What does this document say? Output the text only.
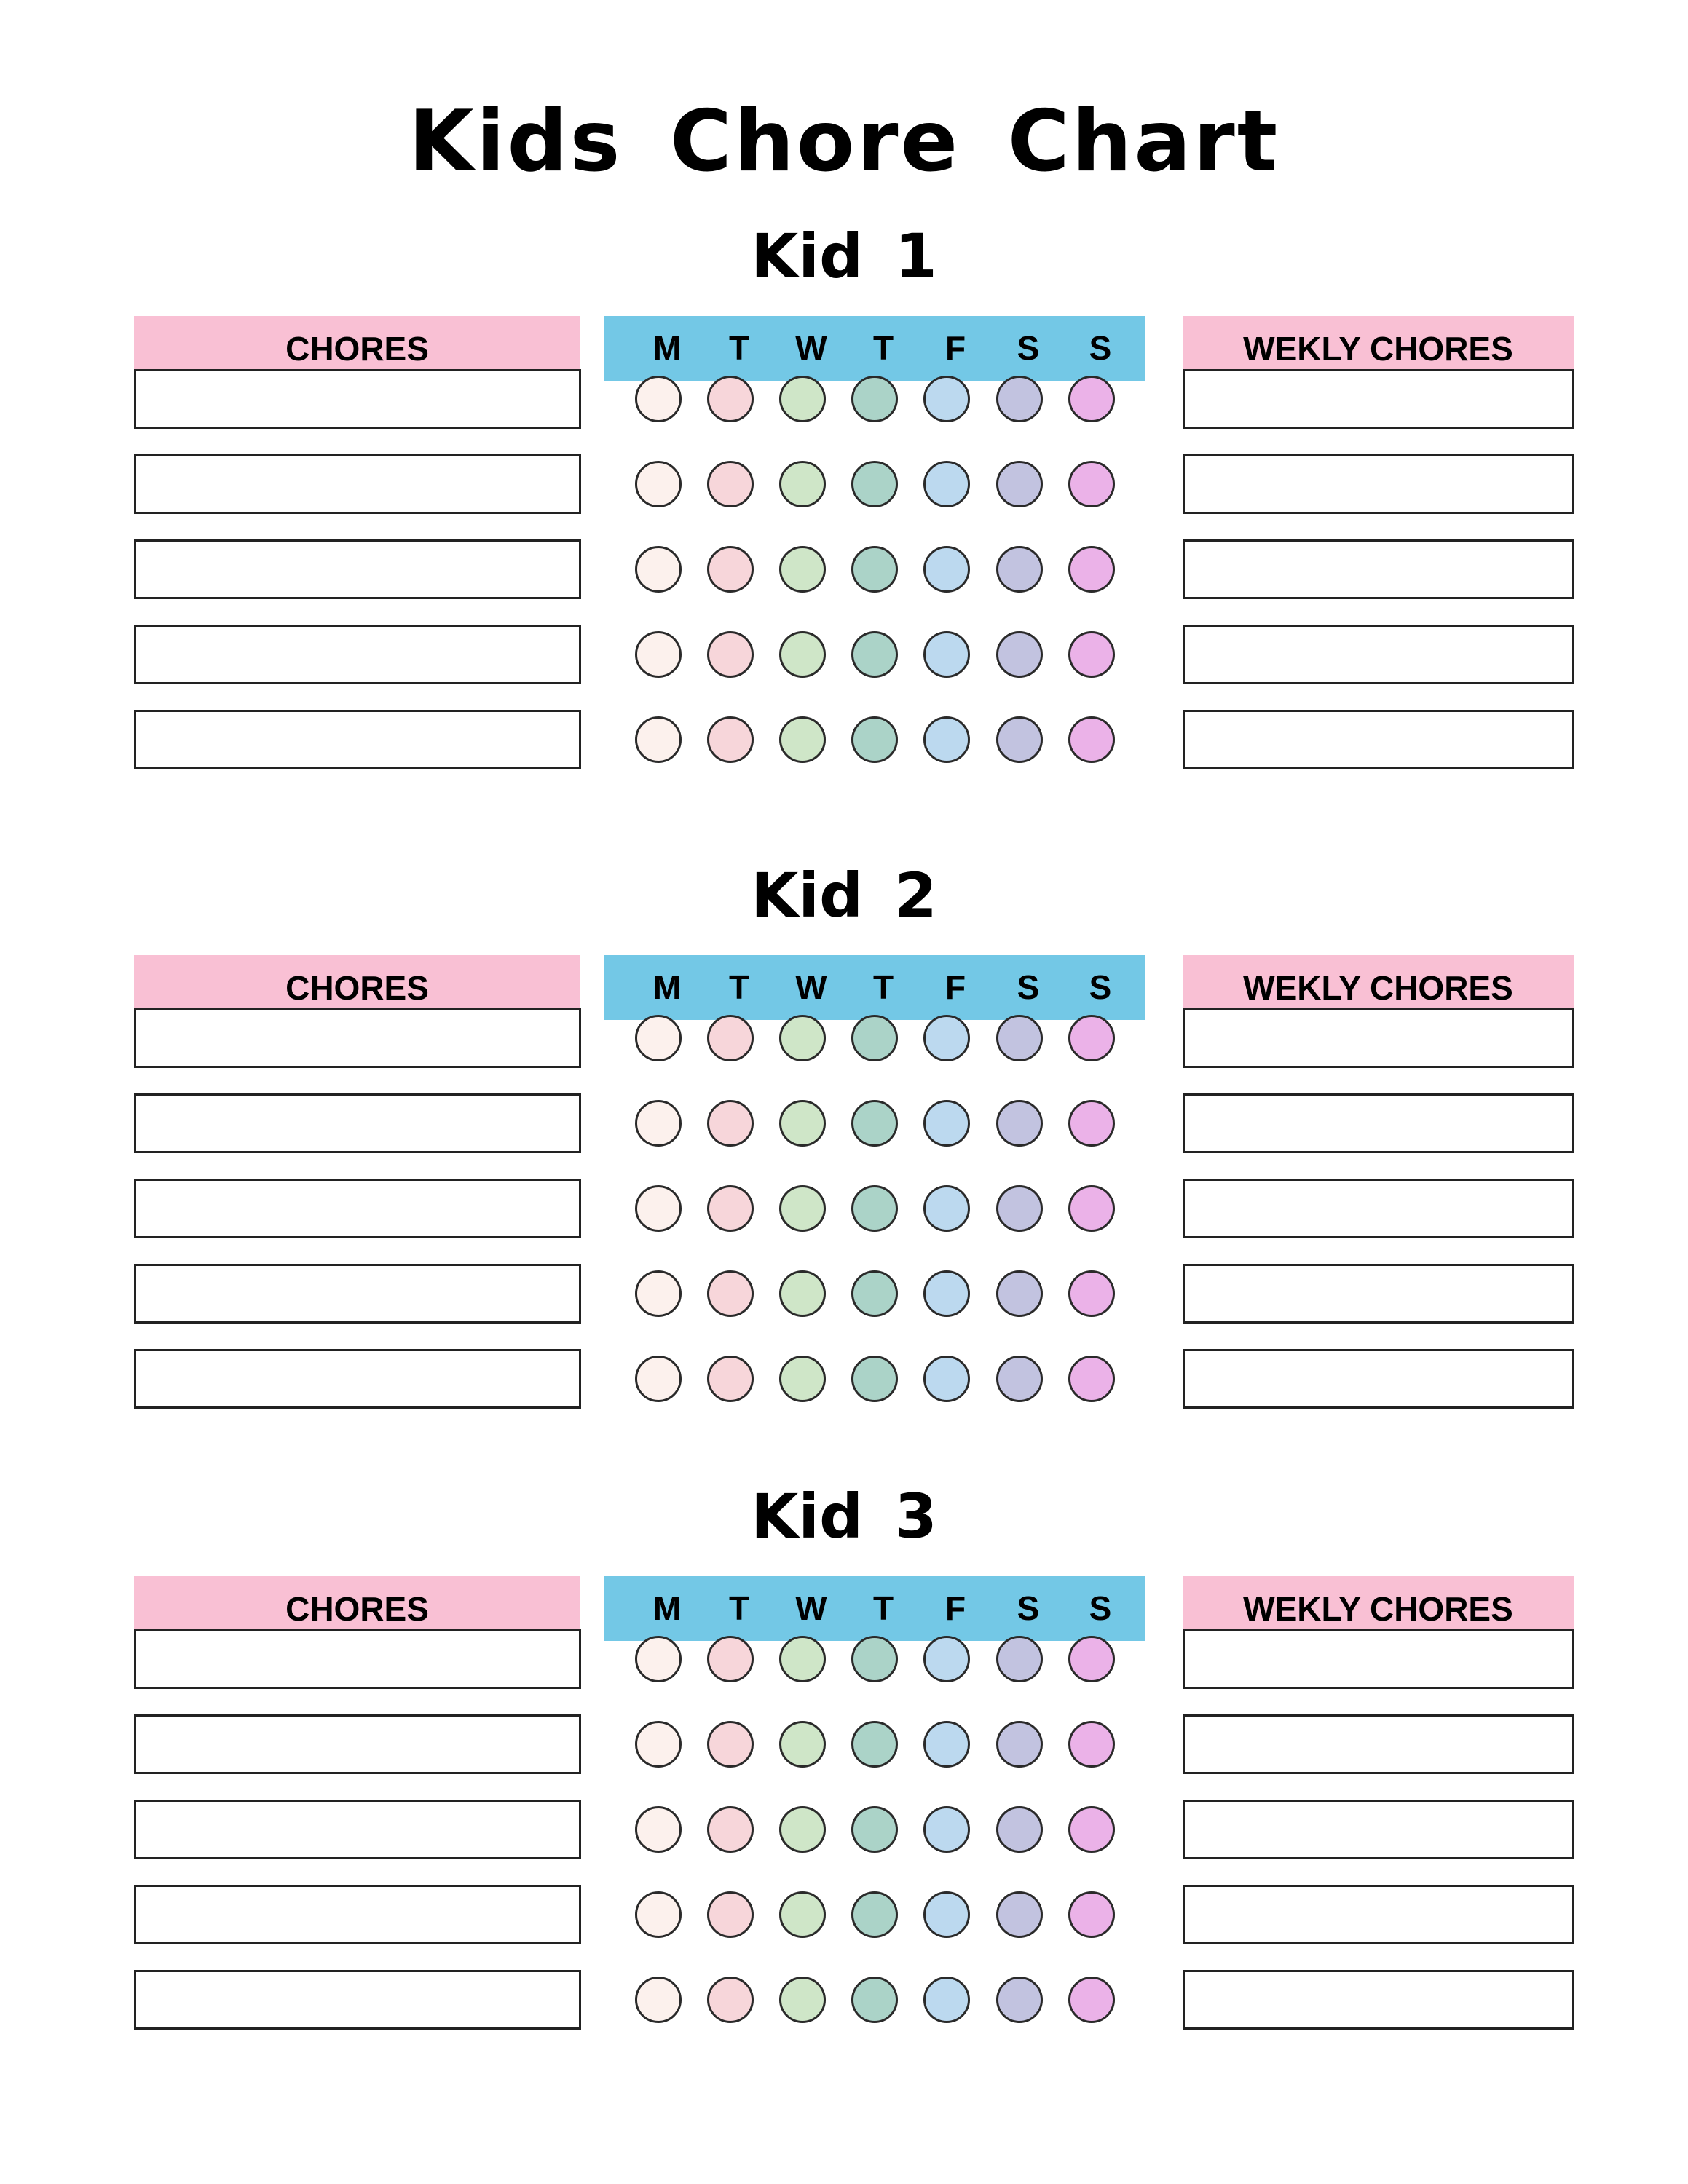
Kids Chore Chart
Kid 1
CHORES	M	T	W	T	F	S	S	WEKLY CHORES
Kid 2
CHORES	M	T	W	T	F	S	S	WEKLY CHORES
Kid 3
CHORES	M	T	W	T	F	S	S	WEKLY CHORES
